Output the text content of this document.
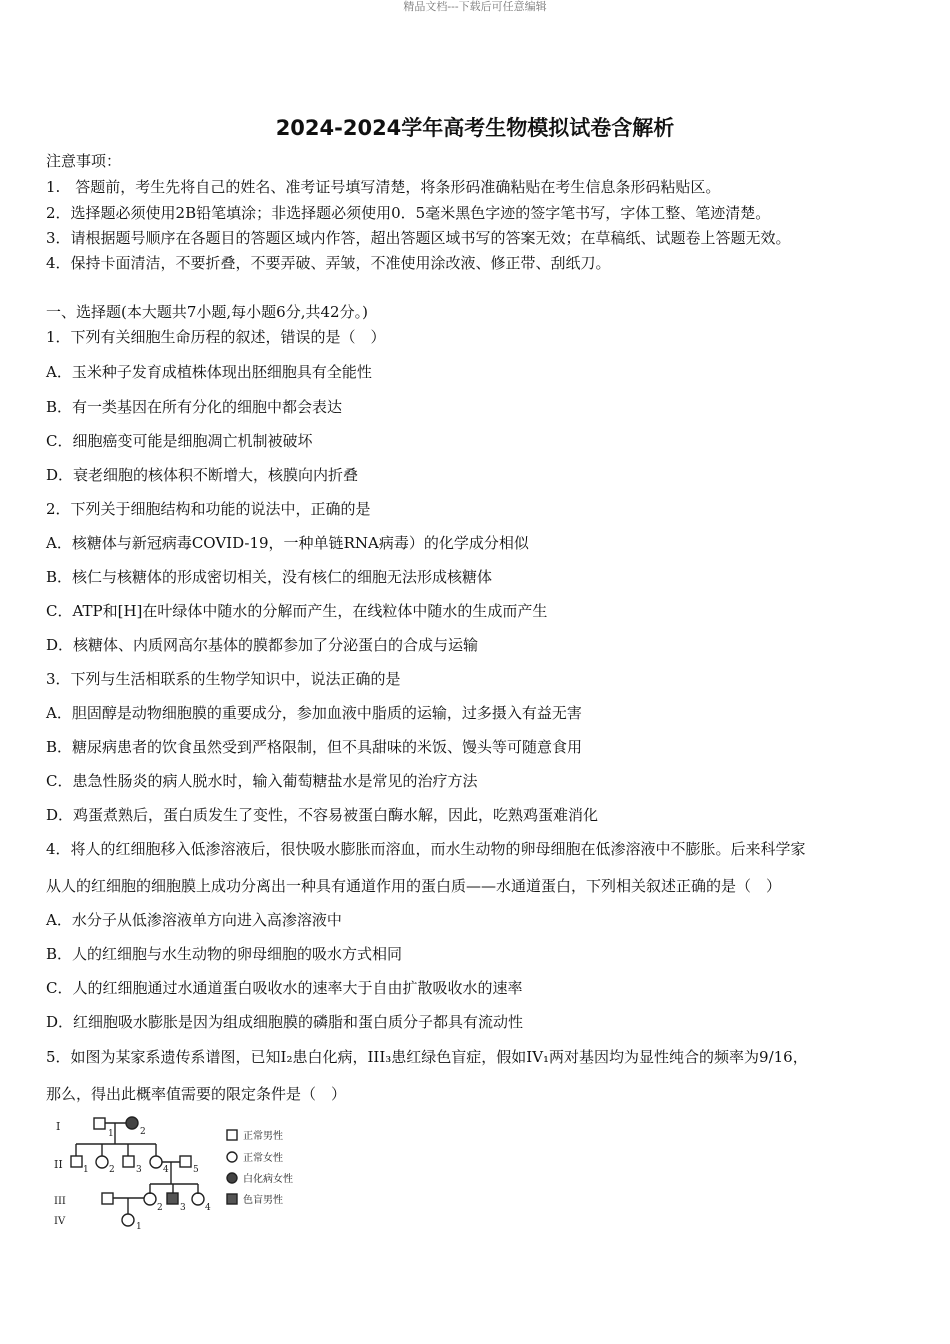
精品文档---下载后可任意编辑
2024-2024学年高考生物模拟试卷含解析
注意事项：
1.　答题前，考生先将自己的姓名、准考证号填写清楚，将条形码准确粘贴在考生信息条形码粘贴区。
2．选择题必须使用2B铅笔填涂；非选择题必须使用0．5毫米黑色字迹的签字笔书写，字体工整、笔迹清楚。
3．请根据题号顺序在各题目的答题区域内作答，超出答题区域书写的答案无效；在草稿纸、试题卷上答题无效。
4．保持卡面清洁，不要折叠，不要弄破、弄皱，不准使用涂改液、修正带、刮纸刀。
一、选择题(本大题共7小题,每小题6分,共42分。)
1．下列有关细胞生命历程的叙述，错误的是（　）
A．玉米种子发育成植株体现出胚细胞具有全能性
B．有一类基因在所有分化的细胞中都会表达
C．细胞癌变可能是细胞凋亡机制被破坏
D．衰老细胞的核体积不断增大，核膜向内折叠
2．下列关于细胞结构和功能的说法中，正确的是
A．核糖体与新冠病毒COVID-19，一种单链RNA病毒）的化学成分相似
B．核仁与核糖体的形成密切相关，没有核仁的细胞无法形成核糖体
C．ATP和[H]在叶绿体中随水的分解而产生，在线粒体中随水的生成而产生
D．核糖体、内质网高尔基体的膜都参加了分泌蛋白的合成与运输
3．下列与生活相联系的生物学知识中，说法正确的是
A．胆固醇是动物细胞膜的重要成分，参加血液中脂质的运输，过多摄入有益无害
B．糖尿病患者的饮食虽然受到严格限制，但不具甜味的米饭、馒头等可随意食用
C．患急性肠炎的病人脱水时，输入葡萄糖盐水是常见的治疗方法
D．鸡蛋煮熟后，蛋白质发生了变性，不容易被蛋白酶水解，因此，吃熟鸡蛋难消化
4．将人的红细胞移入低渗溶液后，很快吸水膨胀而溶血，而水生动物的卵母细胞在低渗溶液中不膨胀。后来科学家
从人的红细胞的细胞膜上成功分离出一种具有通道作用的蛋白质——水通道蛋白，下列相关叙述正确的是（　）
A．水分子从低渗溶液单方向进入高渗溶液中
B．人的红细胞与水生动物的卵母细胞的吸水方式相同
C．人的红细胞通过水通道蛋白吸收水的速率大于自由扩散吸收水的速率
D．红细胞吸水膨胀是因为组成细胞膜的磷脂和蛋白质分子都具有流动性
5．如图为某家系遗传系谱图，已知I₂患白化病，III₃患红绿色盲症，假如IV₁两对基因均为显性纯合的频率为9/16，
那么，得出此概率值需要的限定条件是（　）
I
II
III
IV
1	2
1 2 3 4	5
2 3 4
1
正常男性
正常女性
白化病女性
色盲男性
